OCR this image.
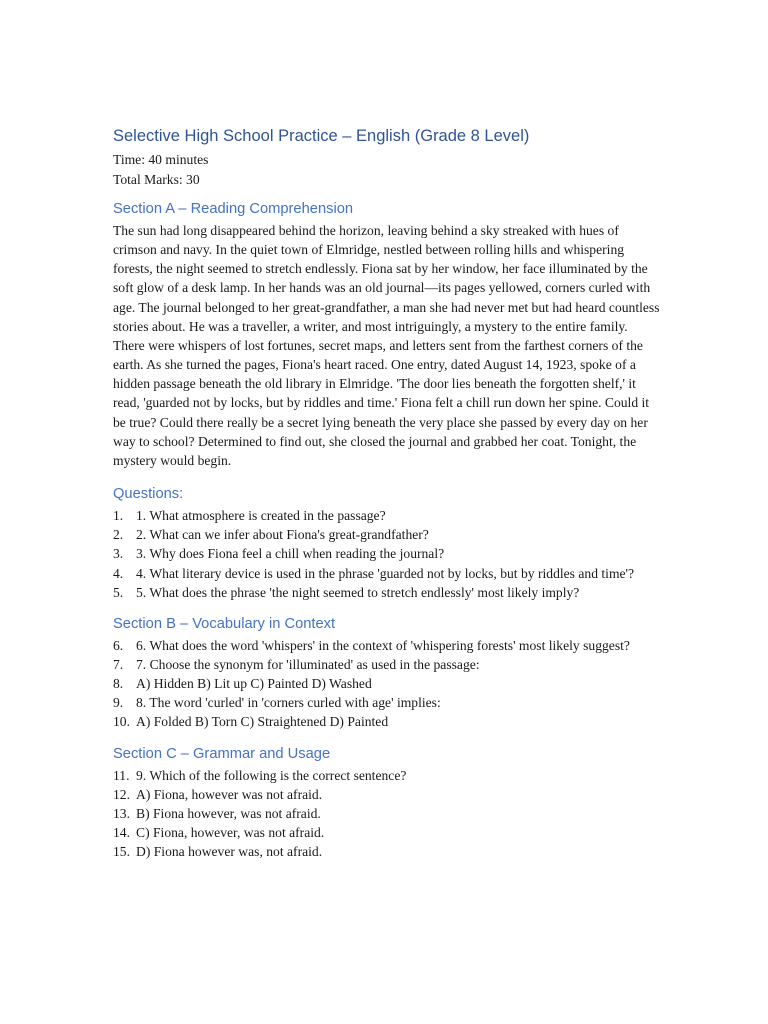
Selective High School Practice – English (Grade 8 Level)
Time: 40 minutes
Total Marks: 30
Section A – Reading Comprehension
The sun had long disappeared behind the horizon, leaving behind a sky streaked with hues of crimson and navy. In the quiet town of Elmridge, nestled between rolling hills and whispering forests, the night seemed to stretch endlessly. Fiona sat by her window, her face illuminated by the soft glow of a desk lamp. In her hands was an old journal—its pages yellowed, corners curled with age. The journal belonged to her great-grandfather, a man she had never met but had heard countless stories about. He was a traveller, a writer, and most intriguingly, a mystery to the entire family. There were whispers of lost fortunes, secret maps, and letters sent from the farthest corners of the earth. As she turned the pages, Fiona's heart raced. One entry, dated August 14, 1923, spoke of a hidden passage beneath the old library in Elmridge. 'The door lies beneath the forgotten shelf,' it read, 'guarded not by locks, but by riddles and time.' Fiona felt a chill run down her spine. Could it be true? Could there really be a secret lying beneath the very place she passed by every day on her way to school? Determined to find out, she closed the journal and grabbed her coat. Tonight, the mystery would begin.
Questions:
1. 1. What atmosphere is created in the passage?
2. 2. What can we infer about Fiona's great-grandfather?
3. 3. Why does Fiona feel a chill when reading the journal?
4. 4. What literary device is used in the phrase 'guarded not by locks, but by riddles and time'?
5. 5. What does the phrase 'the night seemed to stretch endlessly' most likely imply?
Section B – Vocabulary in Context
6. 6. What does the word 'whispers' in the context of 'whispering forests' most likely suggest?
7. 7. Choose the synonym for 'illuminated' as used in the passage:
8. A) Hidden B) Lit up C) Painted D) Washed
9. 8. The word 'curled' in 'corners curled with age' implies:
10. A) Folded B) Torn C) Straightened D) Painted
Section C – Grammar and Usage
11. 9. Which of the following is the correct sentence?
12. A) Fiona, however was not afraid.
13. B) Fiona however, was not afraid.
14. C) Fiona, however, was not afraid.
15. D) Fiona however was, not afraid.
